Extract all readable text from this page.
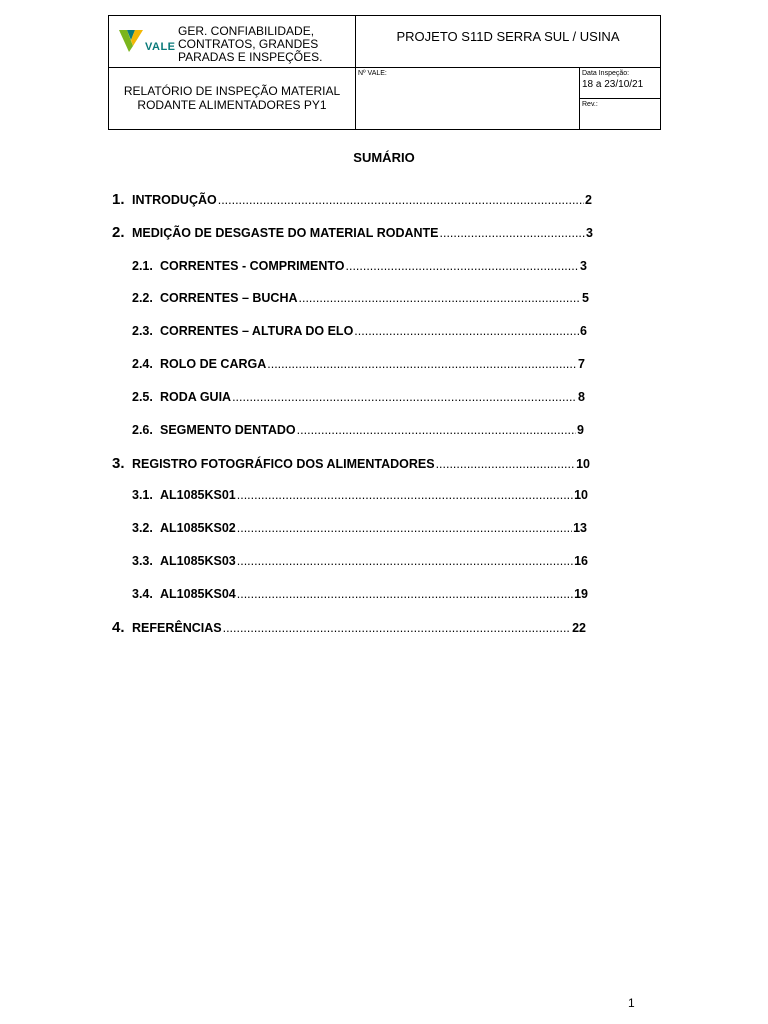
VALE
GER. CONFIABILIDADE,
CONTRATOS, GRANDES
PARADAS E INSPEÇÕES.
PROJETO S11D SERRA SUL / USINA
RELATÓRIO DE INSPEÇÃO MATERIAL
RODANTE ALIMENTADORES PY1
Nº VALE:	Data Inspeção:
18 a 23/10/21
Rev.:
SUMÁRIO
1. INTRODUÇÃO .....	2
2. MEDIÇÃO DE DESGASTE DO MATERIAL RODANTE .....	3
2.1. CORRENTES - COMPRIMENTO .....	3
2.2. CORRENTES – BUCHA .....	5
2.3. CORRENTES – ALTURA DO ELO .....	6
2.4. ROLO DE CARGA .....	7
2.5. RODA GUIA .....	8
2.6. SEGMENTO DENTADO .....	9
3. REGISTRO FOTOGRÁFICO DOS ALIMENTADORES .....	10
3.1. AL1085KS01 .....	10
3.2. AL1085KS02 .....	13
3.3. AL1085KS03 .....	16
3.4. AL1085KS04 .....	19
4. REFERÊNCIAS .....	22
1
